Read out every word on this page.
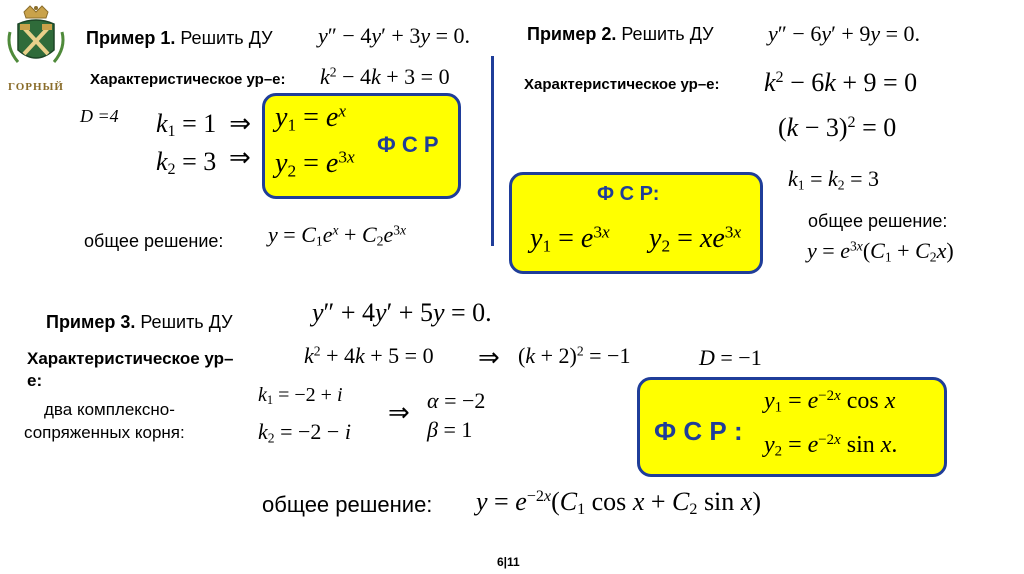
ГОРНЫЙ
Пример 1. Решить ДУ y″ − 4y′ + 3y = 0.
Характеристическое ур–е: $k^2 - 4k + 3 = 0$
D =4 $k_1 = 1$  ⇒
$k_2 = 3$ ⇒
$y_1 = e^x$
$y_2 = e^{3x}$ Ф С Р
общее решение: $y = C_1e^x + C_2e^{3x}$
Пример 2. Решить ДУ y″ − 6y′ + 9y = 0.
Характеристическое ур–е: $k^2 - 6k + 9 = 0$
$(k - 3)^2 = 0$
$k_1 = k_2 = 3$
Ф С Р:
$y_1 = e^{3x}$ $y_2 = xe^{3x}$
общее решение:
$y = e^{3x}(C_1 + C_2x)$
Пример 3. Решить ДУ	y″ + 4y′ + 5y = 0.
Характеристическое ур–
е:
$k^2 + 4k + 5 = 0$ ⇒ $(k + 2)^2 = -1$	D = −1
два комплексно-
сопряженных корня:
$k_1 = -2 + i$
$k_2 = -2 - i$
⇒ α = −2
β = 1	Ф С Р :
$y_1 = e^{-2x}$ cos x
$y_2 = e^{-2x}$ sin x.
общее решение: $y = e^{-2x}(C_1$ $\cos x + C_2$ sin x)
6|11
